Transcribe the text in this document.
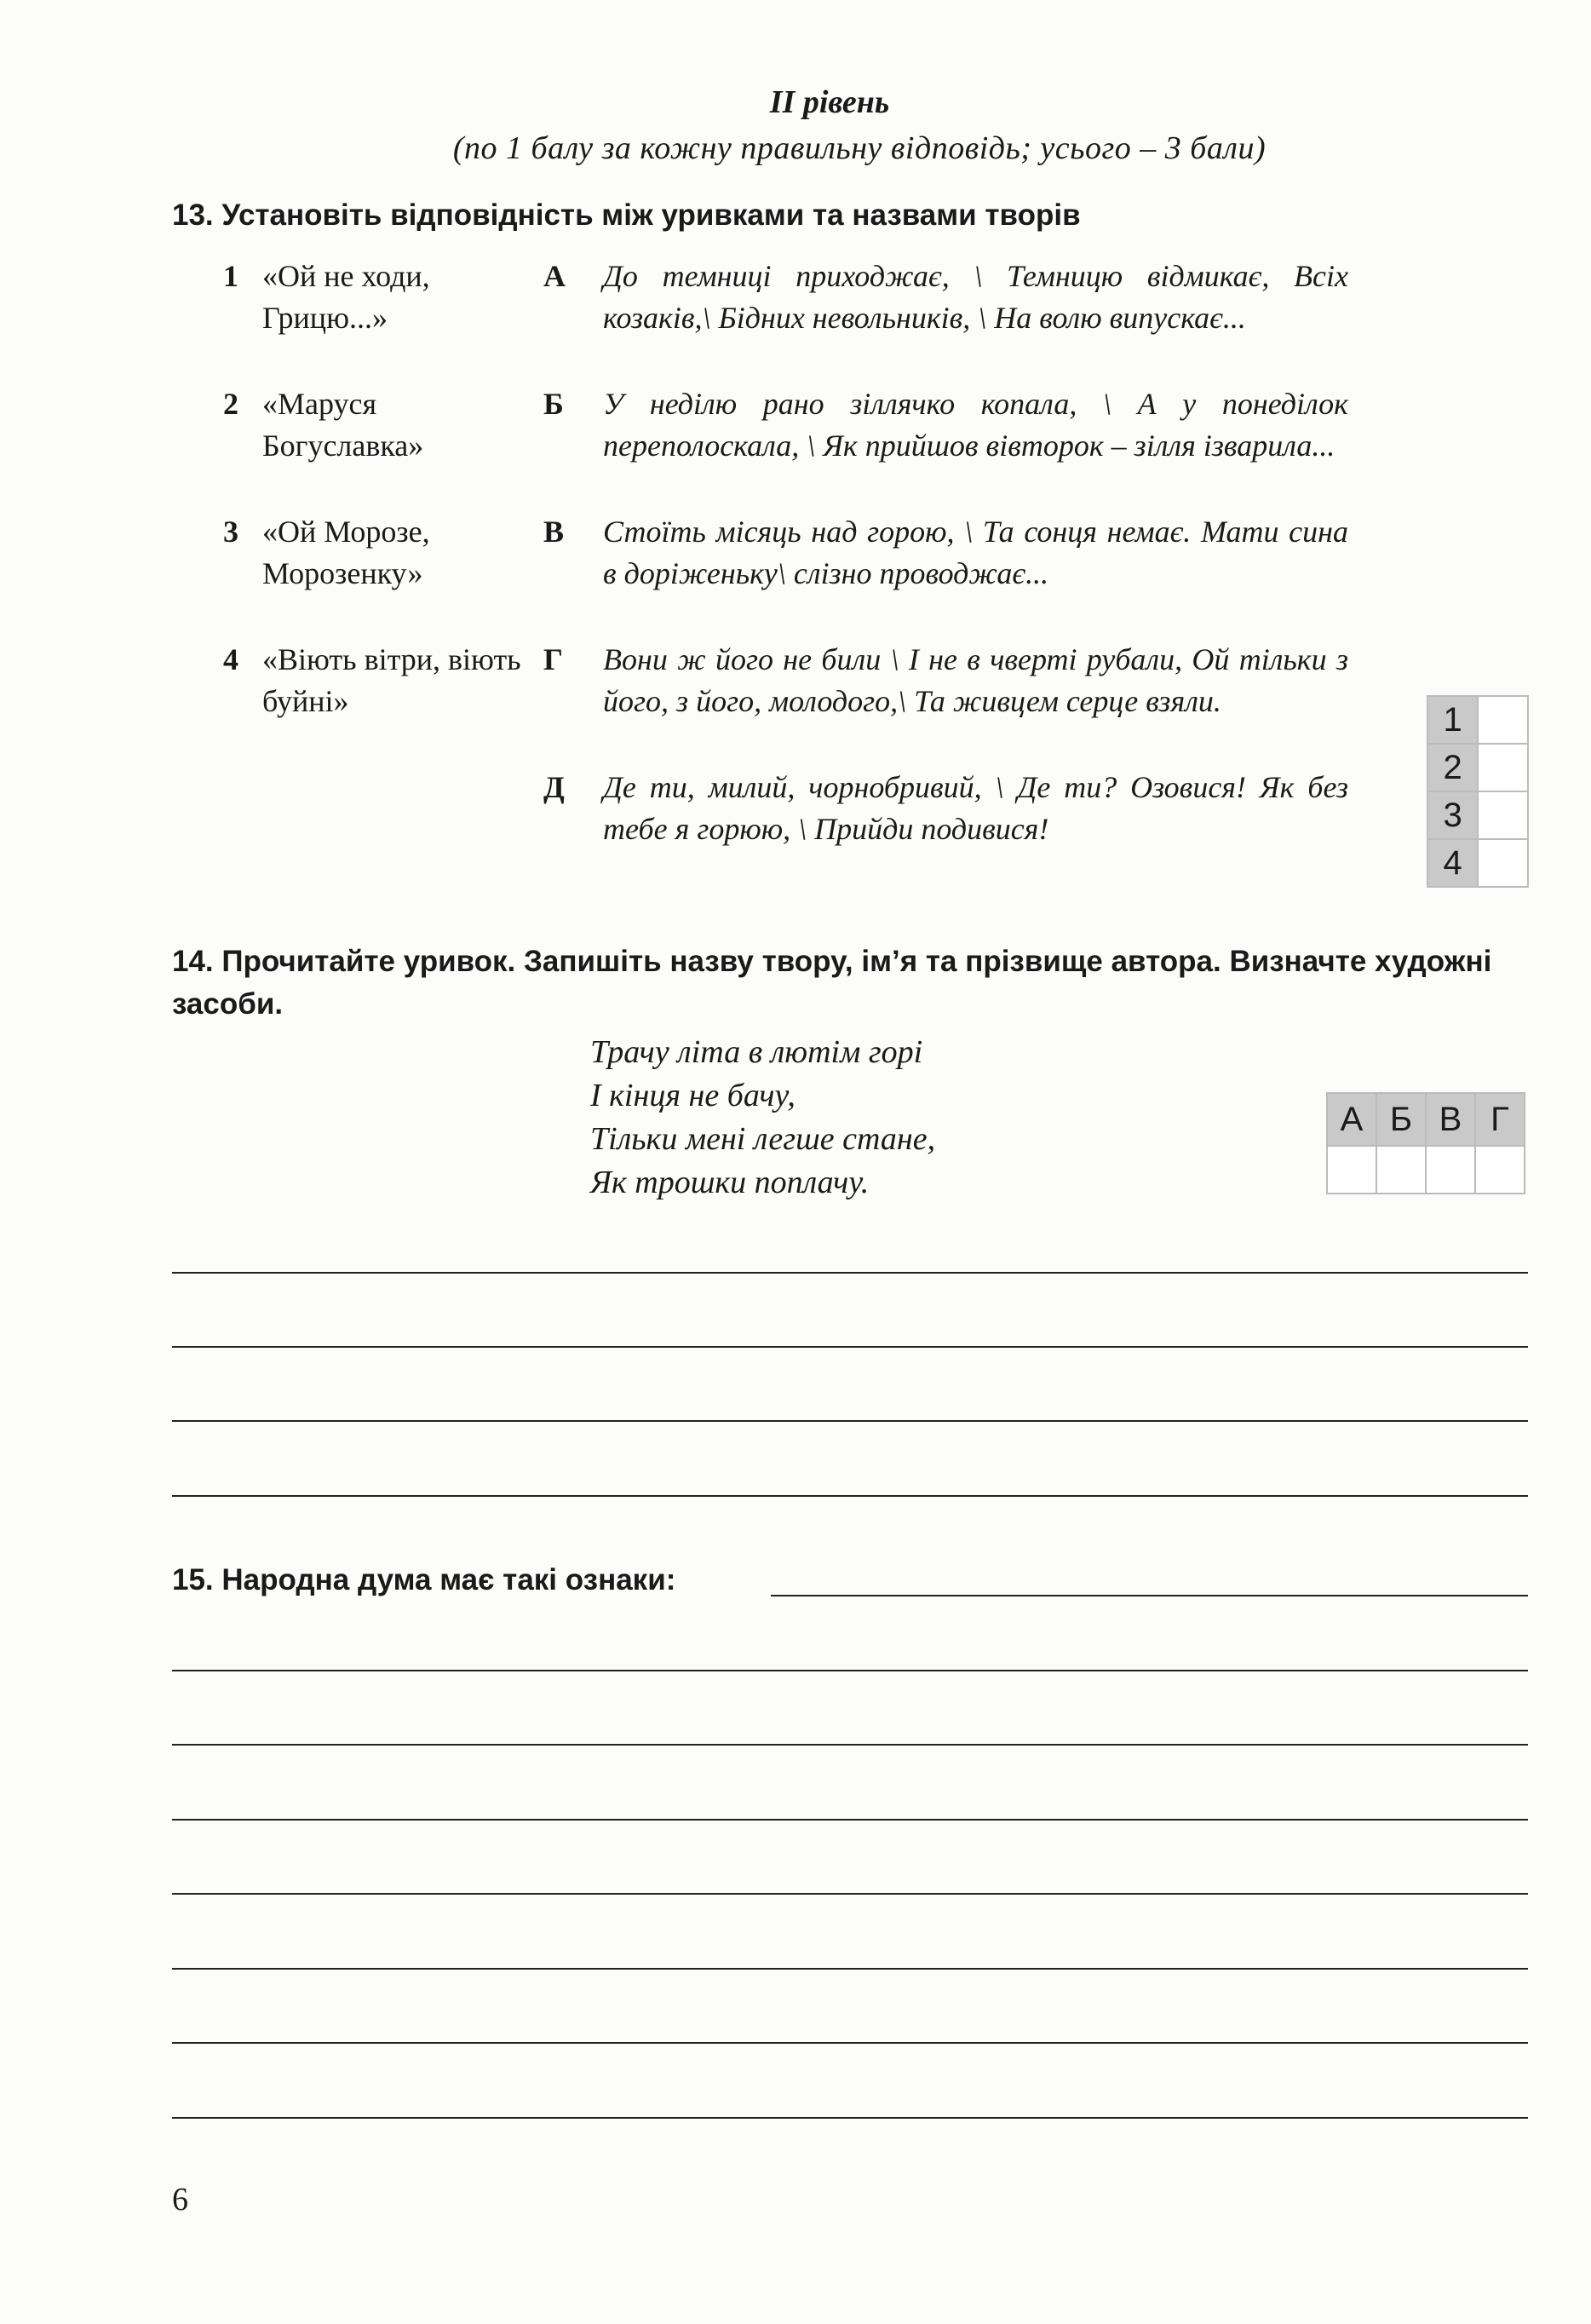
II рівень
(по 1 балу за кожну правильну відповідь; усього – 3 бали)
13. Установіть відповідність між уривками та назвами творів
1 «Ой не ходи, Грицю...»
А	До темниці приходжає, \ Темницю відмикає, Всіх козаків,\ Бідних невольників, \ На волю випускає...
2 «Маруся Богуславка»
Б	У неділю рано зіллячко копала, \ А у понеділок переполоскала, \ Як прийшов вівторок – зілля ізварила...
3 «Ой Морозе, Морозенку»
В	Стоїть місяць над горою, \ Та сонця немає. Мати сина в доріженьку\ слізно проводжає...
4 «Віють вітри, віють буйні»
Г	Вони ж його не били \ І не в чверті рубали, Ой тільки з його, з його, молодого,\ Та живцем серце взяли.
Д	Де ти, милий, чорнобривий, \ Де ти? Озовися! Як без тебе я горюю, \ Прийди подивися!
1	
2	
3	
4	
14. Прочитайте уривок. Запишіть назву твору, ім’я та прізвище автора. Визначте художні засоби.
Трачу літа в лютім горі
І кінця не бачу,
Тільки мені легше стане,
Як трошки поплачу.
А	Б	В	Г

15. Народна дума має такі ознаки:
6
